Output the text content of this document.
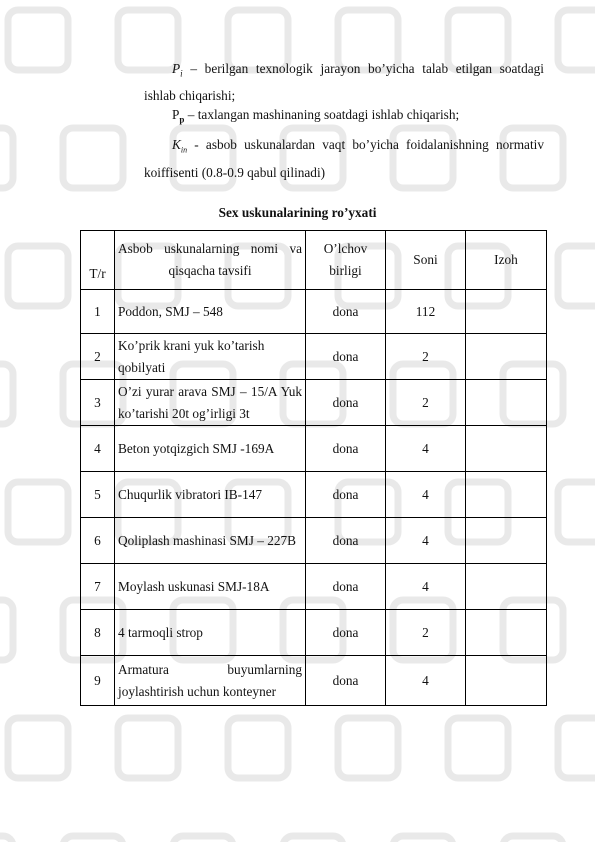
$P_i$ – berilgan texnologik jarayon bo’yicha talab etilgan soatdagi ishlab chiqarishi;
$P_p$ – taxlangan mashinaning soatdagi ishlab chiqarish;
$K_{in}$ - asbob uskunalardan vaqt bo’yicha foidalanishning normativ koiffisenti (0.8-0.9 qabul qilinadi)
Sex uskunalarining ro’yxati
T/r	Asbob uskunalarning nomi va qisqacha tavsifi	O’lchov birligi	Soni	Izoh
1	Poddon, SMJ – 548	dona	112	
2	Ko’prik krani yuk ko’tarish qobilyati	dona	2	
3	O’zi yurar arava SMJ – 15/A Yuk ko’tarishi 20t og’irligi 3t	dona	2	
4	Beton yotqizgich SMJ -169A	dona	4	
5	Chuqurlik vibratori IB-147	dona	4	
6	Qoliplash mashinasi SMJ – 227B	dona	4	
7	Moylash uskunasi SMJ-18A	dona	4	
8	4 tarmoqli strop	dona	2	
9	Armatura buyumlarning joylashtirish uchun konteyner	dona	4	
